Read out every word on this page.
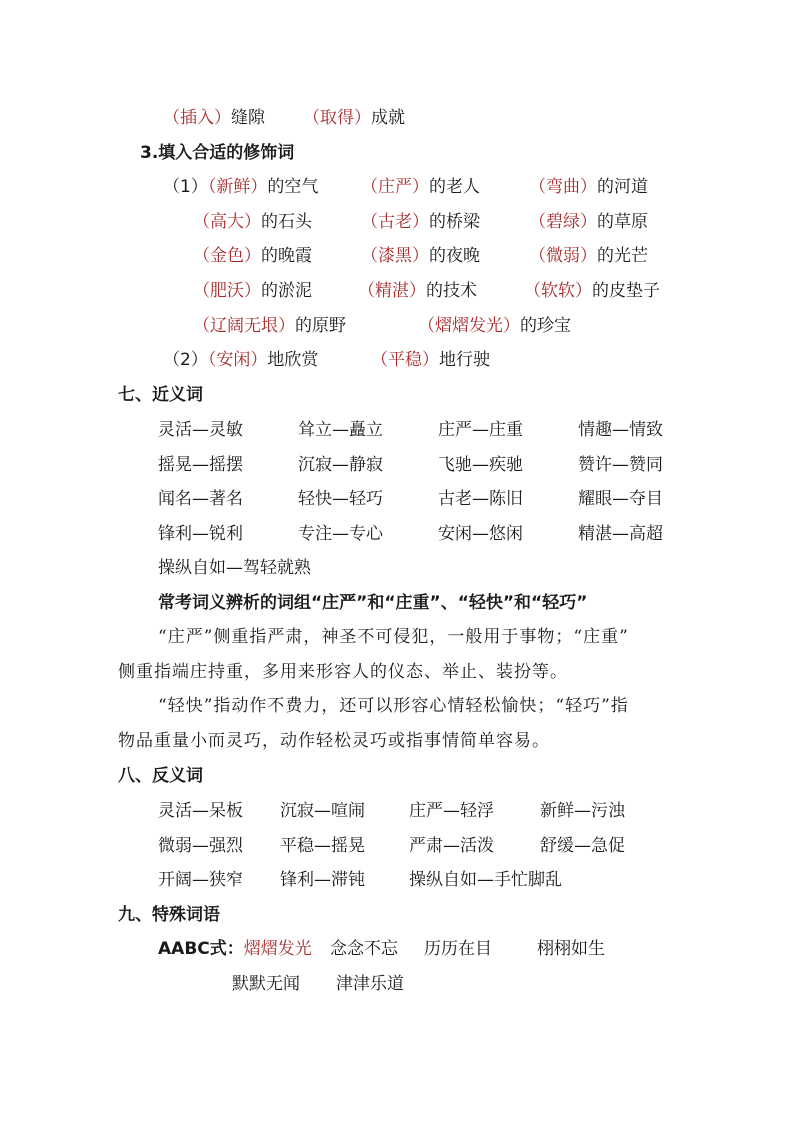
（插入）缝隙 （取得）成就
3.填入合适的修饰词
（1）（新鲜）的空气	（庄严）的老人	（弯曲）的河道
（高大）的石头	（古老）的桥梁	（碧绿）的草原
（金色）的晚霞	（漆黑）的夜晚	（微弱）的光芒
（肥沃）的淤泥	（精湛）的技术	（软软）的皮垫子
（辽阔无垠）的原野	（熠熠发光）的珍宝
（2）（安闲）地欣赏	（平稳）地行驶
七、近义词
灵活—灵敏	耸立—矗立	庄严—庄重	情趣—情致
摇晃—摇摆	沉寂—静寂	飞驰—疾驰	赞许—赞同
闻名—著名	轻快—轻巧	古老—陈旧	耀眼—夺目
锋利—锐利	专注—专心	安闲—悠闲	精湛—高超
操纵自如—驾轻就熟
常考词义辨析的词组“庄严”和“庄重”、“轻快”和“轻巧”
“庄严”侧重指严肃，神圣不可侵犯，一般用于事物；“庄重”
侧重指端庄持重，多用来形容人的仪态、举止、装扮等。
“轻快”指动作不费力，还可以形容心情轻松愉快；“轻巧”指
物品重量小而灵巧，动作轻松灵巧或指事情简单容易。
八、反义词
灵活—呆板 沉寂—喧闹	庄严—轻浮	新鲜—污浊
微弱—强烈 平稳—摇晃	严肃—活泼	舒缓—急促
开阔—狭窄 锋利—滞钝	操纵自如—手忙脚乱
九、特殊词语
AABC式：熠熠发光 念念不忘 历历在目	栩栩如生
默默无闻 津津乐道
